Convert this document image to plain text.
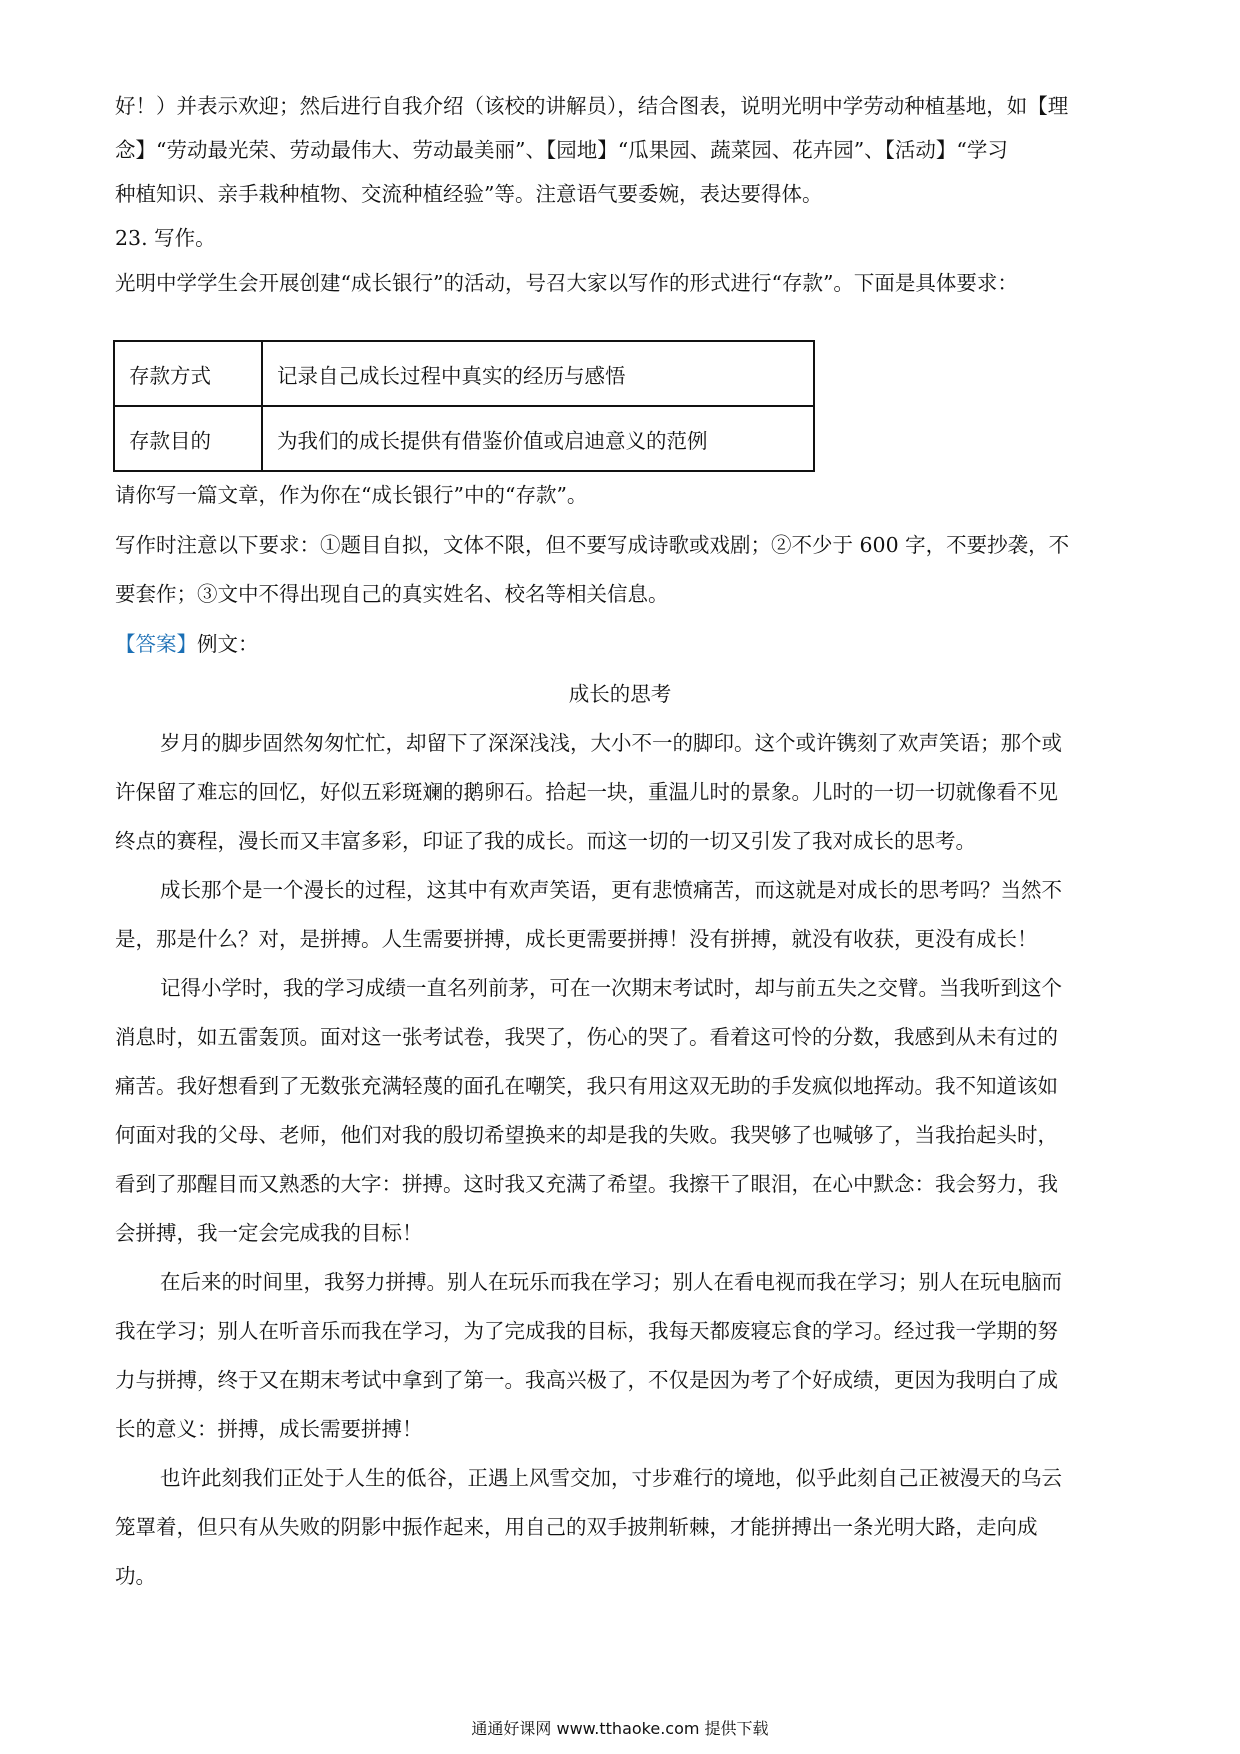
好！）并表示欢迎；然后进行自我介绍（该校的讲解员），结合图表，说明光明中学劳动种植基地，如【理
念】“劳动最光荣、劳动最伟大、劳动最美丽”、【园地】“瓜果园、蔬菜园、花卉园”、【活动】“学习
种植知识、亲手栽种植物、交流种植经验”等。注意语气要委婉，表达要得体。
23. 写作。
光明中学学生会开展创建“成长银行”的活动，号召大家以写作的形式进行“存款”。下面是具体要求：
存款方式	记录自己成长过程中真实的经历与感悟
存款目的	为我们的成长提供有借鉴价值或启迪意义的范例
请你写一篇文章，作为你在“成长银行”中的“存款”。
写作时注意以下要求：①题目自拟，文体不限，但不要写成诗歌或戏剧；②不少于 600 字，不要抄袭，不
要套作；③文中不得出现自己的真实姓名、校名等相关信息。
【答案】例文：
成长的思考
岁月的脚步固然匆匆忙忙，却留下了深深浅浅，大小不一的脚印。这个或许镌刻了欢声笑语；那个或
许保留了难忘的回忆，好似五彩斑斓的鹅卵石。拾起一块，重温儿时的景象。儿时的一切一切就像看不见
终点的赛程，漫长而又丰富多彩，印证了我的成长。而这一切的一切又引发了我对成长的思考。
成长那个是一个漫长的过程，这其中有欢声笑语，更有悲愤痛苦，而这就是对成长的思考吗？当然不
是，那是什么？对，是拼搏。人生需要拼搏，成长更需要拼搏！没有拼搏，就没有收获，更没有成长！
记得小学时，我的学习成绩一直名列前茅，可在一次期末考试时，却与前五失之交臂。当我听到这个
消息时，如五雷轰顶。面对这一张考试卷，我哭了，伤心的哭了。看着这可怜的分数，我感到从未有过的
痛苦。我好想看到了无数张充满轻蔑的面孔在嘲笑，我只有用这双无助的手发疯似地挥动。我不知道该如
何面对我的父母、老师，他们对我的殷切希望换来的却是我的失败。我哭够了也喊够了，当我抬起头时，
看到了那醒目而又熟悉的大字：拼搏。这时我又充满了希望。我擦干了眼泪，在心中默念：我会努力，我
会拼搏，我一定会完成我的目标！
在后来的时间里，我努力拼搏。别人在玩乐而我在学习；别人在看电视而我在学习；别人在玩电脑而
我在学习；别人在听音乐而我在学习，为了完成我的目标，我每天都废寝忘食的学习。经过我一学期的努
力与拼搏，终于又在期末考试中拿到了第一。我高兴极了，不仅是因为考了个好成绩，更因为我明白了成
长的意义：拼搏，成长需要拼搏！
也许此刻我们正处于人生的低谷，正遇上风雪交加，寸步难行的境地，似乎此刻自己正被漫天的乌云
笼罩着，但只有从失败的阴影中振作起来，用自己的双手披荆斩棘，才能拼搏出一条光明大路，走向成
功。
通通好课网 www.tthaoke.com 提供下载
